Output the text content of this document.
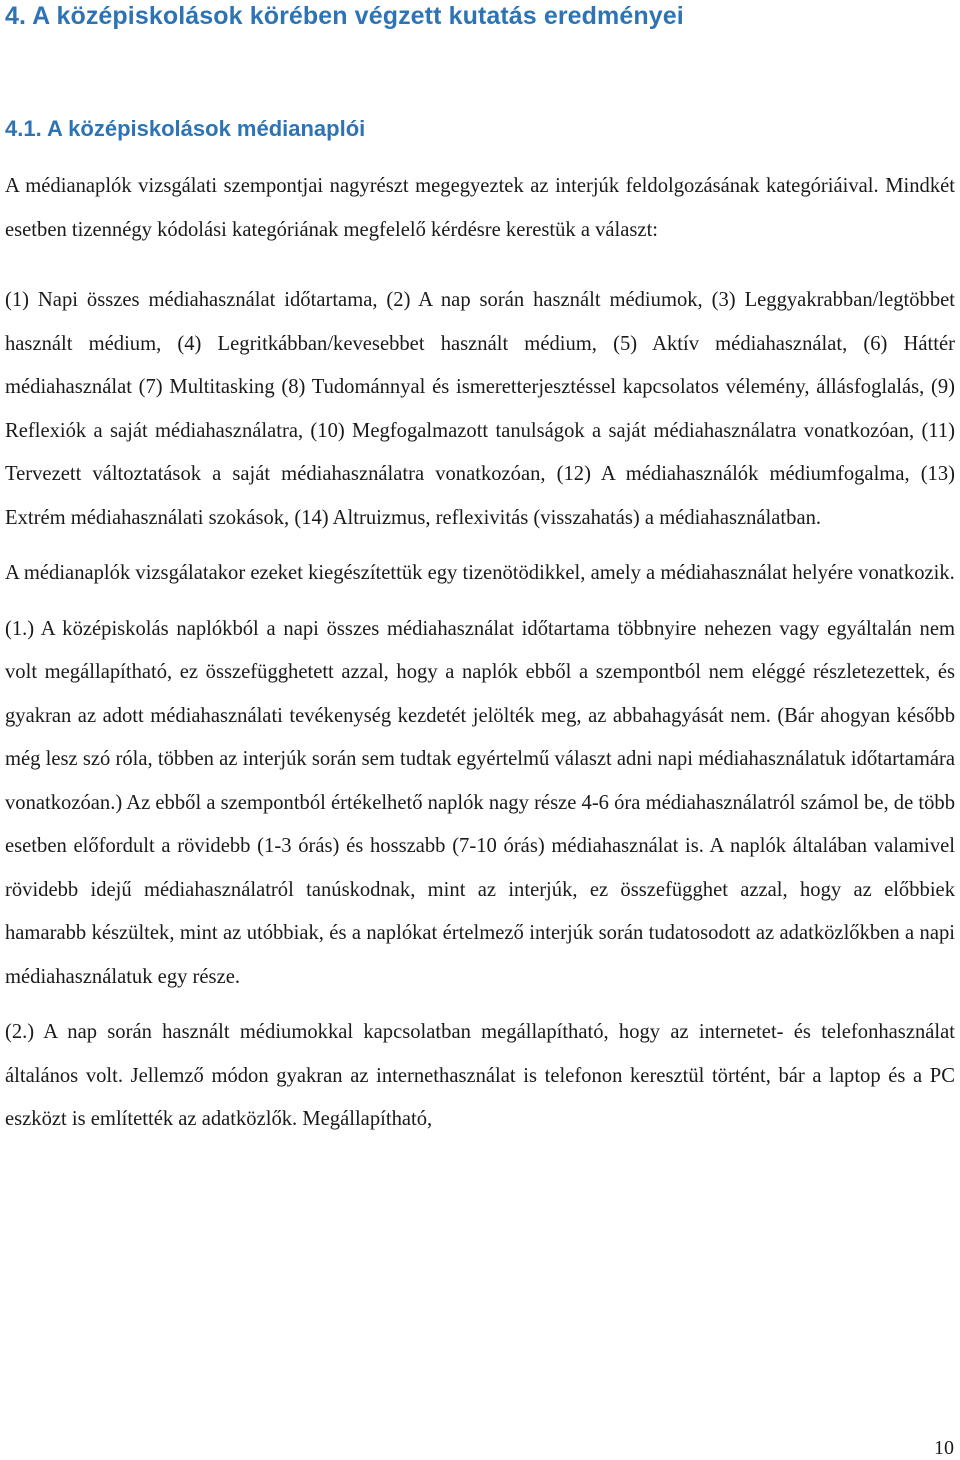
4. A középiskolások körében végzett kutatás eredményei
4.1. A középiskolások médianaplói

A médianaplók vizsgálati szempontjai nagyrészt megegyeztek az interjúk feldolgozásának kategóriáival. Mindkét esetben tizennégy kódolási kategóriának megfelelő kérdésre kerestük a választ:

(1) Napi összes médiahasználat időtartama, (2) A nap során használt médiumok, (3) Leggyakrabban/legtöbbet használt médium, (4) Legritkábban/kevesebbet használt médium, (5) Aktív médiahasználat, (6) Háttér médiahasználat (7) Multitasking (8) Tudománnyal és ismeretterjesztéssel kapcsolatos vélemény, állásfoglalás, (9) Reflexiók a saját médiahasználatra, (10) Megfogalmazott tanulságok a saját médiahasználatra vonatkozóan, (11) Tervezett változtatások a saját médiahasználatra vonatkozóan, (12) A médiahasználók médiumfogalma, (13) Extrém médiahasználati szokások, (14) Altruizmus, reflexivitás (visszahatás) a médiahasználatban.

A médianaplók vizsgálatakor ezeket kiegészítettük egy tizenötödikkel, amely a médiahasználat helyére vonatkozik.

(1.) A középiskolás naplókból a napi összes médiahasználat időtartama többnyire nehezen vagy egyáltalán nem volt megállapítható, ez összefügghetett azzal, hogy a naplók ebből a szempontból nem eléggé részletezettek, és gyakran az adott médiahasználati tevékenység kezdetét jelölték meg, az abbahagyását nem. (Bár ahogyan később még lesz szó róla, többen az interjúk során sem tudtak egyértelmű választ adni napi médiahasználatuk időtartamára vonatkozóan.) Az ebből a szempontból értékelhető naplók nagy része 4-6 óra médiahasználatról számol be, de több esetben előfordult a rövidebb (1-3 órás) és hosszabb (7-10 órás) médiahasználat is. A naplók általában valamivel rövidebb idejű médiahasználatról tanúskodnak, mint az interjúk, ez összefügghet azzal, hogy az előbbiek hamarabb készültek, mint az utóbbiak, és a naplókat értelmező interjúk során tudatosodott az adatközlőkben a napi médiahasználatuk egy része.

(2.) A nap során használt médiumokkal kapcsolatban megállapítható, hogy az internetet- és telefonhasználat általános volt. Jellemző módon gyakran az internethasználat is telefonon keresztül történt, bár a laptop és a PC eszközt is említették az adatközlők. Megállapítható,

10
